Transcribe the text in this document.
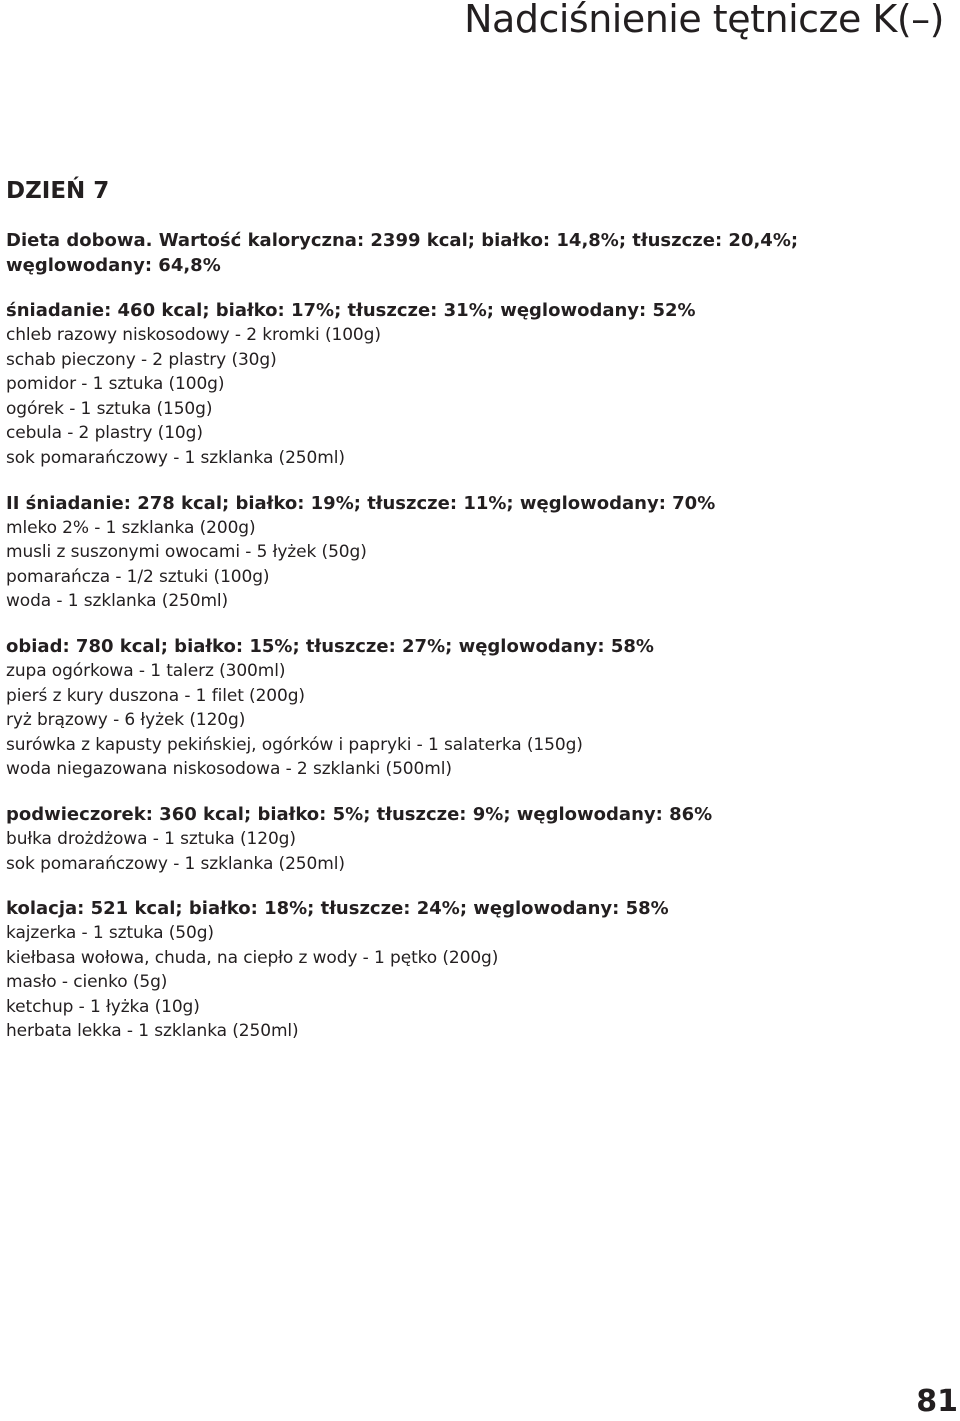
Nadciśnienie tętnicze K(–)
DZIEŃ 7

Dieta dobowa. Wartość kaloryczna: 2399 kcal; białko: 14,8%; tłuszcze: 20,4%; węglowodany: 64,8%

śniadanie: 460 kcal; białko: 17%; tłuszcze: 31%; węglowodany: 52%
chleb razowy niskosodowy - 2 kromki (100g)
schab pieczony - 2 plastry (30g)
pomidor - 1 sztuka (100g)
ogórek - 1 sztuka (150g)
cebula - 2 plastry (10g)
sok pomarańczowy - 1 szklanka (250ml)
II śniadanie: 278 kcal; białko: 19%; tłuszcze: 11%; węglowodany: 70%
mleko 2% - 1 szklanka (200g)
musli z suszonymi owocami - 5 łyżek (50g)
pomarańcza - 1/2 sztuki (100g)
woda - 1 szklanka (250ml)
obiad: 780 kcal; białko: 15%; tłuszcze: 27%; węglowodany: 58%
zupa ogórkowa - 1 talerz (300ml)
pierś z kury duszona - 1 filet (200g)
ryż brązowy - 6 łyżek (120g)
surówka z kapusty pekińskiej, ogórków i papryki - 1 salaterka (150g)
woda niegazowana niskosodowa - 2 szklanki (500ml)
podwieczorek: 360 kcal; białko: 5%; tłuszcze: 9%; węglowodany: 86%
bułka drożdżowa - 1 sztuka (120g)
sok pomarańczowy - 1 szklanka (250ml)
kolacja: 521 kcal; białko: 18%; tłuszcze: 24%; węglowodany: 58%
kajzerka - 1 sztuka (50g)
kiełbasa wołowa, chuda, na ciepło z wody - 1 pętko (200g)
masło - cienko (5g)
ketchup - 1 łyżka (10g)
herbata lekka - 1 szklanka (250ml)

81
